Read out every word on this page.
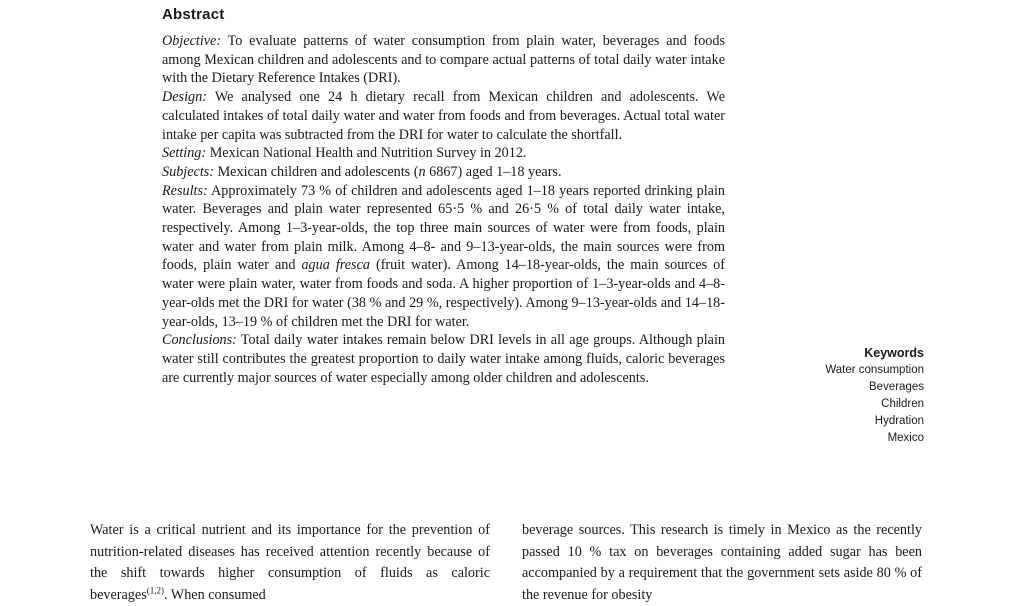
Abstract

Objective: To evaluate patterns of water consumption from plain water, beverages and foods among Mexican children and adolescents and to compare actual patterns of total daily water intake with the Dietary Reference Intakes (DRI).

Design: We analysed one 24 h dietary recall from Mexican children and adolescents. We calculated intakes of total daily water and water from foods and from beverages. Actual total water intake per capita was subtracted from the DRI for water to calculate the shortfall.

Setting: Mexican National Health and Nutrition Survey in 2012.

Subjects: Mexican children and adolescents (n 6867) aged 1–18 years.

Results: Approximately 73 % of children and adolescents aged 1–18 years reported drinking plain water. Beverages and plain water represented 65·5 % and 26·5 % of total daily water intake, respectively. Among 1–3-year-olds, the top three main sources of water were from foods, plain water and water from plain milk. Among 4–8- and 9–13-year-olds, the main sources were from foods, plain water and agua fresca (fruit water). Among 14–18-year-olds, the main sources of water were plain water, water from foods and soda. A higher proportion of 1–3-year-olds and 4–8-year-olds met the DRI for water (38 % and 29 %, respectively). Among 9–13-year-olds and 14–18-year-olds, 13–19 % of children met the DRI for water.

Conclusions: Total daily water intakes remain below DRI levels in all age groups. Although plain water still contributes the greatest proportion to daily water intake among fluids, caloric beverages are currently major sources of water especially among older children and adolescents.

Keywords
Water consumption
Beverages
Children
Hydration
Mexico

Water is a critical nutrient and its importance for the prevention of nutrition-related diseases has received attention recently because of the shift towards higher consumption of fluids as caloric beverages$^{(1,2)}$. When consumed

beverage sources. This research is timely in Mexico as the recently passed 10 % tax on beverages containing added sugar has been accompanied by a requirement that the government sets aside 80 % of the revenue for obesity
